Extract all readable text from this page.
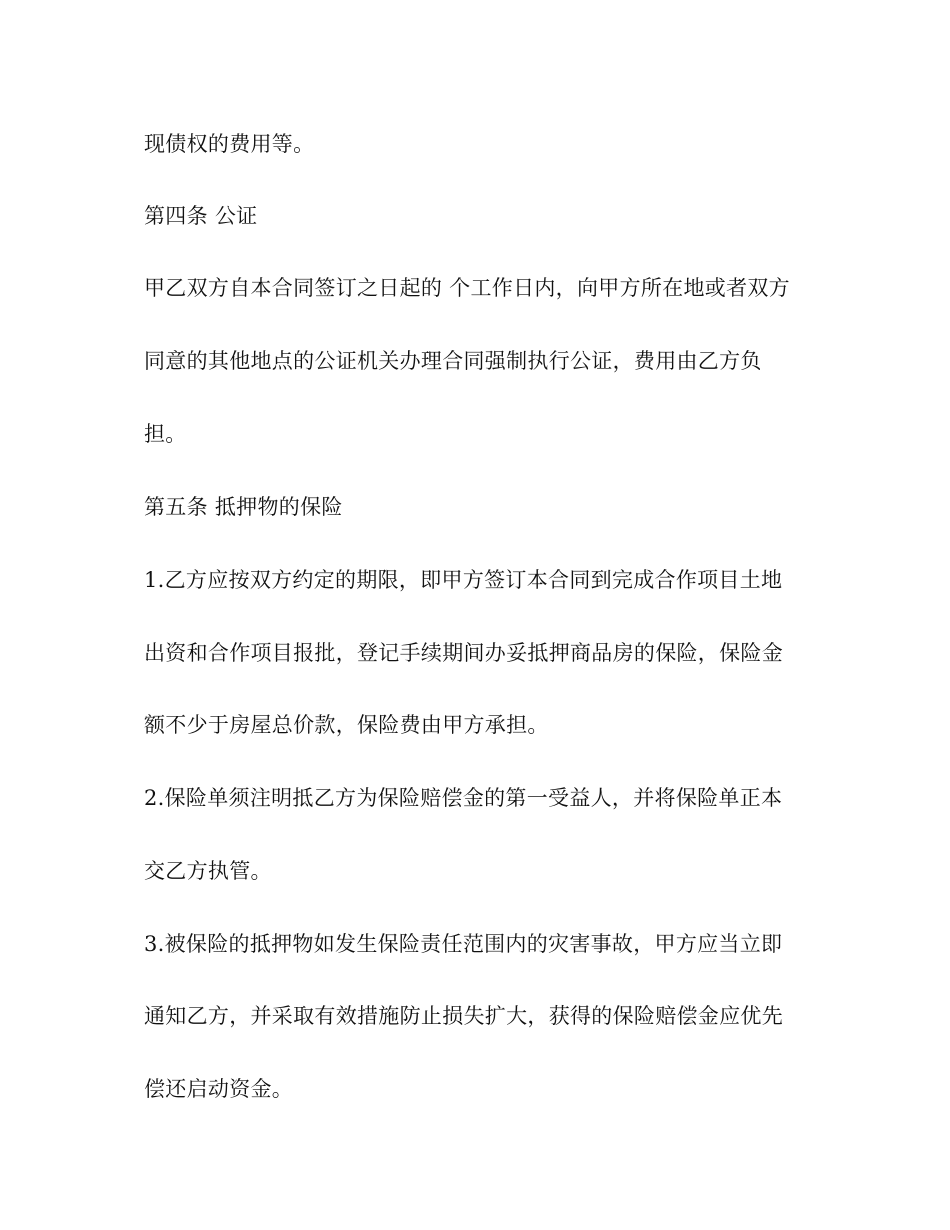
现债权的费用等。
第四条 公证
甲乙双方自本合同签订之日起的 个工作日内，向甲方所在地或者双方
同意的其他地点的公证机关办理合同强制执行公证，费用由乙方负
担。
第五条 抵押物的保险
1.乙方应按双方约定的期限，即甲方签订本合同到完成合作项目土地
出资和合作项目报批，登记手续期间办妥抵押商品房的保险，保险金
额不少于房屋总价款，保险费由甲方承担。
2.保险单须注明抵乙方为保险赔偿金的第一受益人，并将保险单正本
交乙方执管。
3.被保险的抵押物如发生保险责任范围内的灾害事故，甲方应当立即
通知乙方，并采取有效措施防止损失扩大，获得的保险赔偿金应优先
偿还启动资金。
